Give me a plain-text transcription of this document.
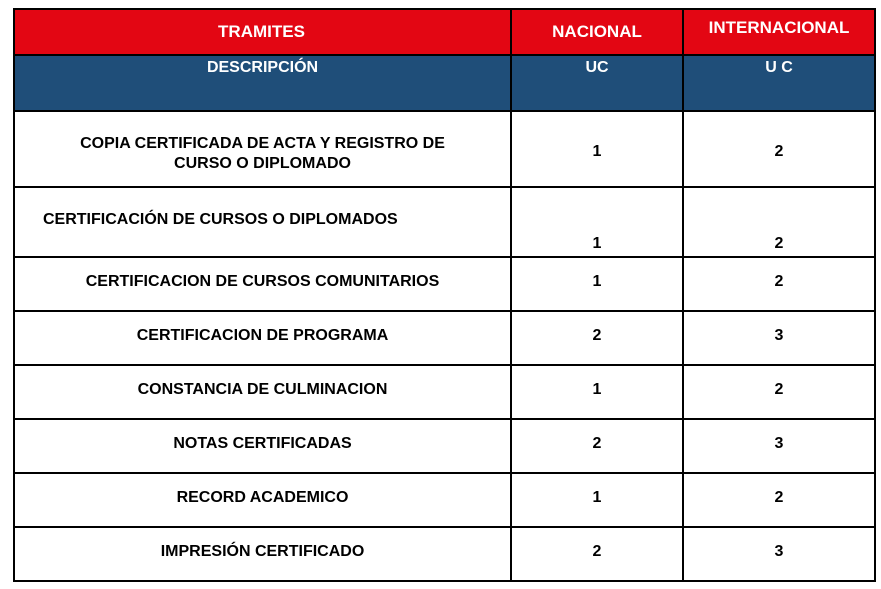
TRAMITES	NACIONAL	INTERNACIONAL
DESCRIPCIÓN	UC	U C

COPIA CERTIFICADA DE ACTA Y REGISTRO DE
CURSO O DIPLOMADO	1	2
CERTIFICACIÓN DE CURSOS O DIPLOMADOS	1	2
CERTIFICACION DE CURSOS COMUNITARIOS	1	2
CERTIFICACION DE PROGRAMA	2	3
CONSTANCIA DE CULMINACION	1	2
NOTAS CERTIFICADAS	2	3
RECORD ACADEMICO	1	2
IMPRESIÓN CERTIFICADO	2	3
